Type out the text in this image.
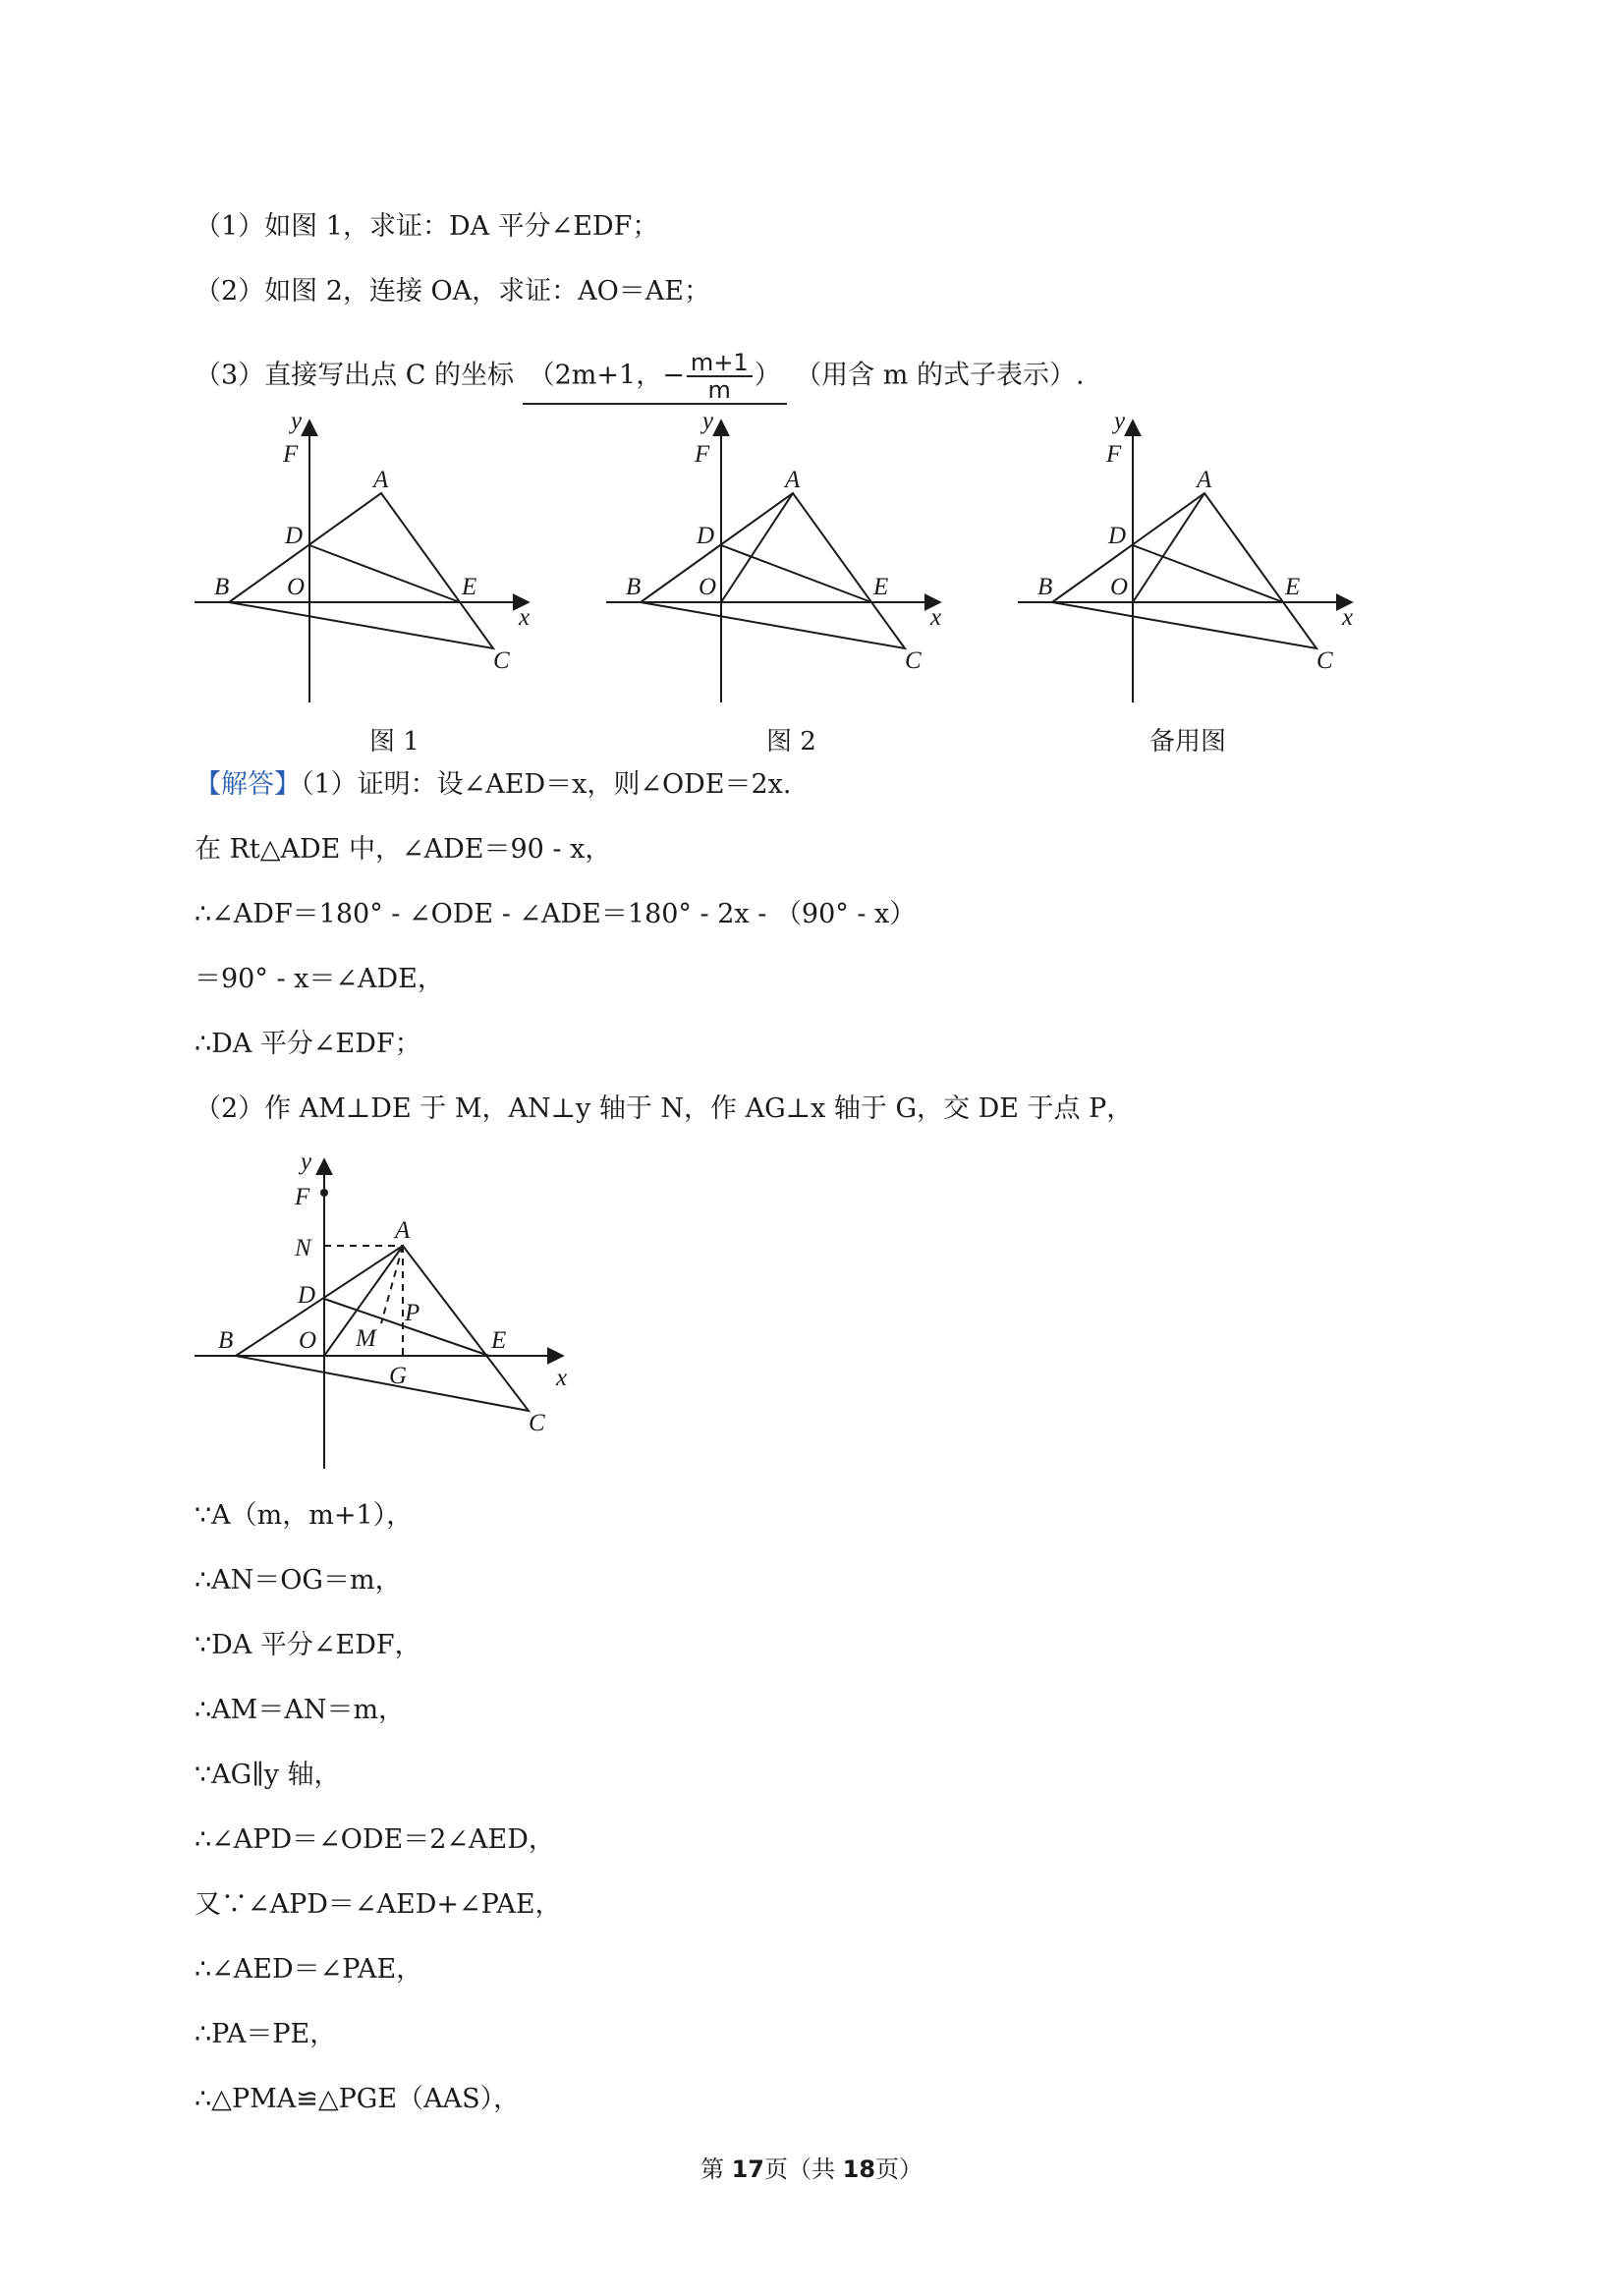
（1）如图 1，求证：DA 平分∠EDF；
（2）如图 2，连接 OA，求证：AO＝AE；
（3）直接写出点 C 的坐标 （2m+1，− $\frac{m+1}{m}$ ） （用含 m 的式子表示）.
y
F
A
D
B O	E
x
C
y
F
A
D
B O	E
x
C
y
F
A
D
B O	E
x
C
图 1	图 2	备用图
【解答】（1）证明：设∠AED＝x，则∠ODE＝2x.
在 Rt△ADE 中，∠ADE＝90 - x，
∴∠ADF＝180° - ∠ODE - ∠ADE＝180° - 2x - （90° - x）
＝90° - x＝∠ADE，
∴DA 平分∠EDF；
（2）作 AM⊥DE 于 M，AN⊥y 轴于 N，作 AG⊥x 轴于 G，交 DE 于点 P，
y
F
A
N
D
P
B	O M	E
G	x
C
∵A（m，m+1），
∴AN＝OG＝m，
∵DA 平分∠EDF，
∴AM＝AN＝m，
∵AG∥y 轴，
∴∠APD＝∠ODE＝2∠AED，
又∵∠APD＝∠AED+∠PAE，
∴∠AED＝∠PAE，
∴PA＝PE，
∴△PMA≌△PGE（AAS），
第 17页（共 18页）
